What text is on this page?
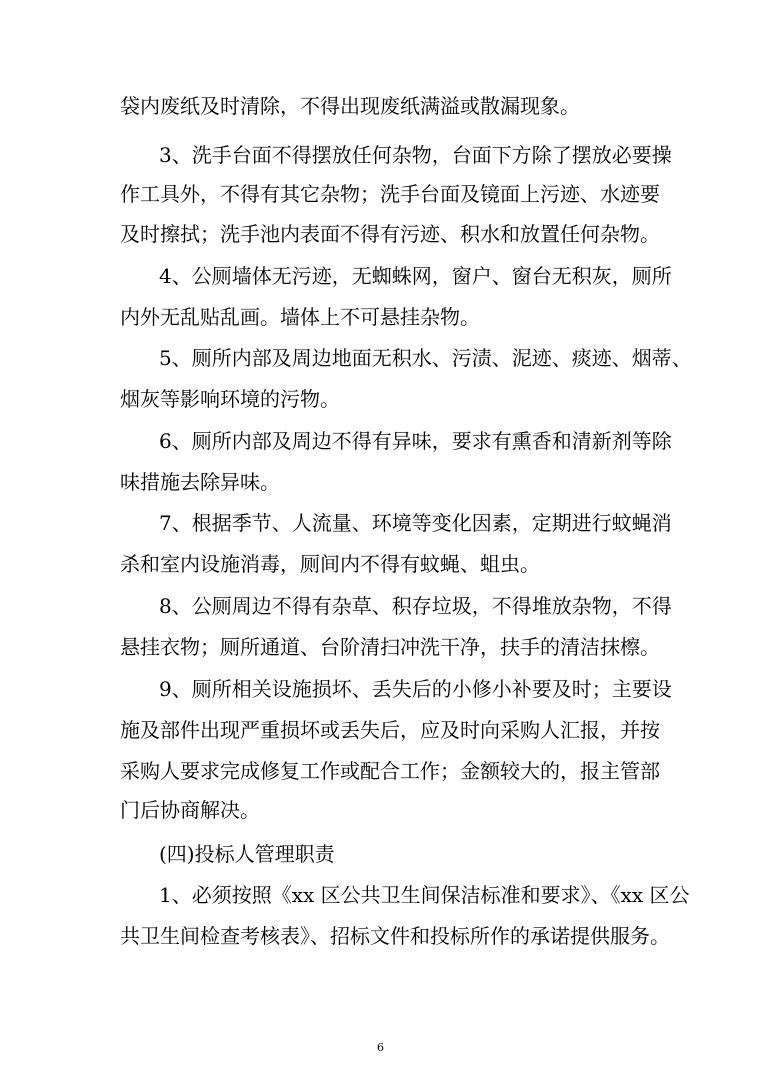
袋内废纸及时清除，不得出现废纸满溢或散漏现象。
3、洗手台面不得摆放任何杂物，台面下方除了摆放必要操
作工具外，不得有其它杂物；洗手台面及镜面上污迹、水迹要
及时擦拭；洗手池内表面不得有污迹、积水和放置任何杂物。
4、公厕墙体无污迹，无蜘蛛网，窗户、窗台无积灰，厕所
内外无乱贴乱画。墙体上不可悬挂杂物。
5、厕所内部及周边地面无积水、污渍、泥迹、痰迹、烟蒂、
烟灰等影响环境的污物。
6、厕所内部及周边不得有异味，要求有熏香和清新剂等除
味措施去除异味。
7、根据季节、人流量、环境等变化因素，定期进行蚊蝇消
杀和室内设施消毒，厕间内不得有蚊蝇、蛆虫。
8、公厕周边不得有杂草、积存垃圾，不得堆放杂物，不得
悬挂衣物；厕所通道、台阶清扫冲洗干净，扶手的清洁抹檫。
9、厕所相关设施损坏、丢失后的小修小补要及时；主要设
施及部件出现严重损坏或丢失后，应及时向采购人汇报，并按
采购人要求完成修复工作或配合工作；金额较大的，报主管部
门后协商解决。
(四)投标人管理职责
1、必须按照《xx 区公共卫生间保洁标准和要求》、《xx 区公
共卫生间检查考核表》、招标文件和投标所作的承诺提供服务。
6
